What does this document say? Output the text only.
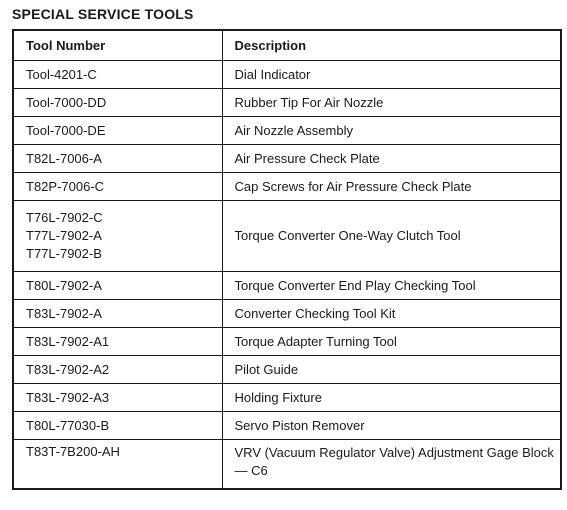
SPECIAL SERVICE TOOLS
Tool Number	Description
Tool-4201-C	Dial Indicator
Tool-7000-DD	Rubber Tip For Air Nozzle
Tool-7000-DE	Air Nozzle Assembly
T82L-7006-A	Air Pressure Check Plate
T82P-7006-C	Cap Screws for Air Pressure Check Plate

T76L-7902-C
T77L-7902-A
T77L-7902-B	Torque Converter One-Way Clutch Tool
T80L-7902-A	Torque Converter End Play Checking Tool
T83L-7902-A	Converter Checking Tool Kit
T83L-7902-A1	Torque Adapter Turning Tool
T83L-7902-A2	Pilot Guide
T83L-7902-A3	Holding Fixture
T80L-77030-B	Servo Piston Remover
T83T-7B200-AH	VRV (Vacuum Regulator Valve) Adjustment Gage Block — C6
